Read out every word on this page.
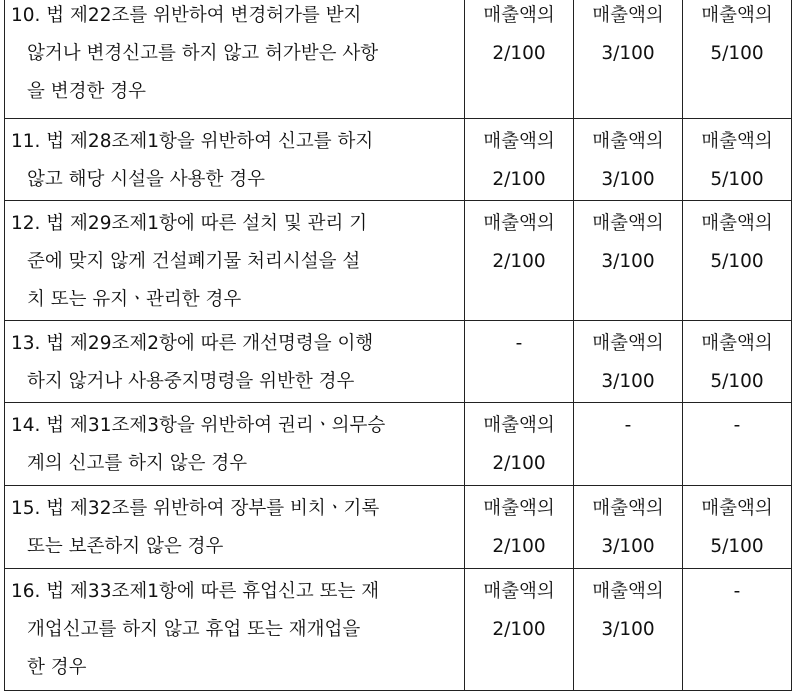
10. 법 제22조를 위반하여 변경허가를 받지
않거나 변경신고를 하지 않고 허가받은 사항
을 변경한 경우	매출액의
2/100	매출액의
3/100	매출액의
5/100

11. 법 제28조제1항을 위반하여 신고를 하지
않고 해당 시설을 사용한 경우	매출액의
2/100	매출액의
3/100	매출액의
5/100

12. 법 제29조제1항에 따른 설치 및 관리 기
준에 맞지 않게 건설폐기물 처리시설을 설
치 또는 유지ㆍ관리한 경우	매출액의
2/100	매출액의
3/100	매출액의
5/100

13. 법 제29조제2항에 따른 개선명령을 이행
하지 않거나 사용중지명령을 위반한 경우	-	매출액의
3/100	매출액의
5/100

14. 법 제31조제3항을 위반하여 권리ㆍ의무승
계의 신고를 하지 않은 경우	매출액의
2/100	-	-

15. 법 제32조를 위반하여 장부를 비치ㆍ기록
또는 보존하지 않은 경우	매출액의
2/100	매출액의
3/100	매출액의
5/100

16. 법 제33조제1항에 따른 휴업신고 또는 재
개업신고를 하지 않고 휴업 또는 재개업을
한 경우	매출액의
2/100	매출액의
3/100	-
